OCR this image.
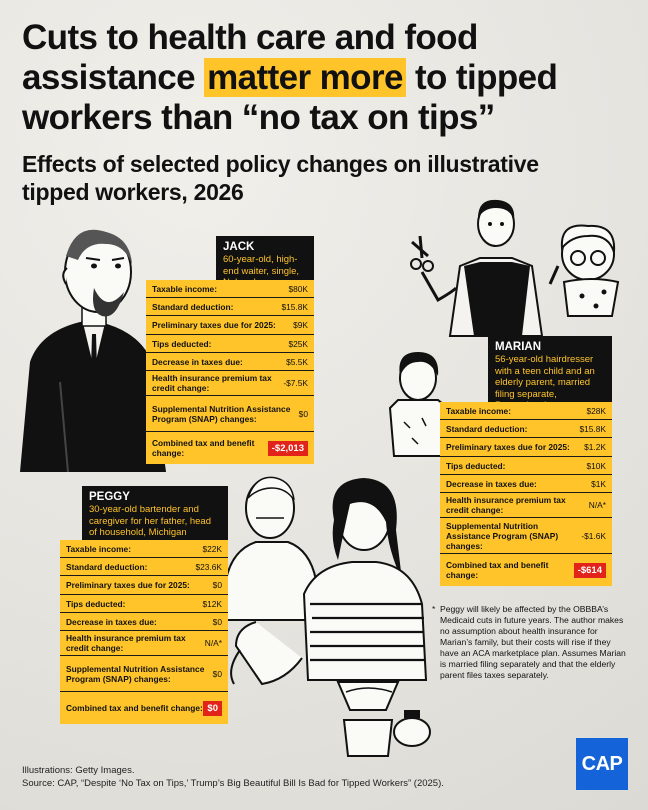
Cuts to health care and food assistance matter more to tipped workers than “no tax on tips”
Effects of selected policy changes on illustrative tipped workers, 2026
JACK
60-year-old, high-end waiter, single,
Taxable income:	$80K
Standard deduction:	$15.8K
Preliminary taxes due for 2025:	$9K
Tips deducted:	$25K
Decrease in taxes due:	$5.5K
Health insurance premium tax credit change:	-$7.5K
Supplemental Nutrition Assistance Program (SNAP) changes:	$0
Combined tax and benefit change:	-$2,013
MARIAN
56-year-old hairdresser with a teen child and an elderly parent, married filing separate,
Taxable income:	$28K
Standard deduction:	$15.8K
Preliminary taxes due for 2025:	$1.2K
Tips deducted:	$10K
Decrease in taxes due:	$1K
Health insurance premium tax credit change:	N/A*
Supplemental Nutrition Assistance Program (SNAP) changes:
-$1.6K
Combined tax and benefit change:	-$614
PEGGY
30-year-old bartender and caregiver for her father, head of household, Michigan
Taxable income:	$22K
Standard deduction:	$23.6K
Preliminary taxes due for 2025:	$0
Tips deducted:	$12K
Decrease in taxes due:	$0
Health insurance premium tax credit change:	N/A*
Supplemental Nutrition Assistance Program (SNAP) changes:	$0
Combined tax and benefit change: $0
* Peggy will likely be affected by the OBBBA’s Medicaid cuts in future years. The author makes no assumption about health insurance for Marian’s family, but their costs will rise if they have an ACA marketplace plan. Assumes Marian is married filing separately and that the elderly parent files taxes separately.
Illustrations: Getty Images.
Source: CAP, “Despite ‘No Tax on Tips,’ Trump’s Big Beautiful Bill Is Bad for Tipped Workers” (2025).
CAP
